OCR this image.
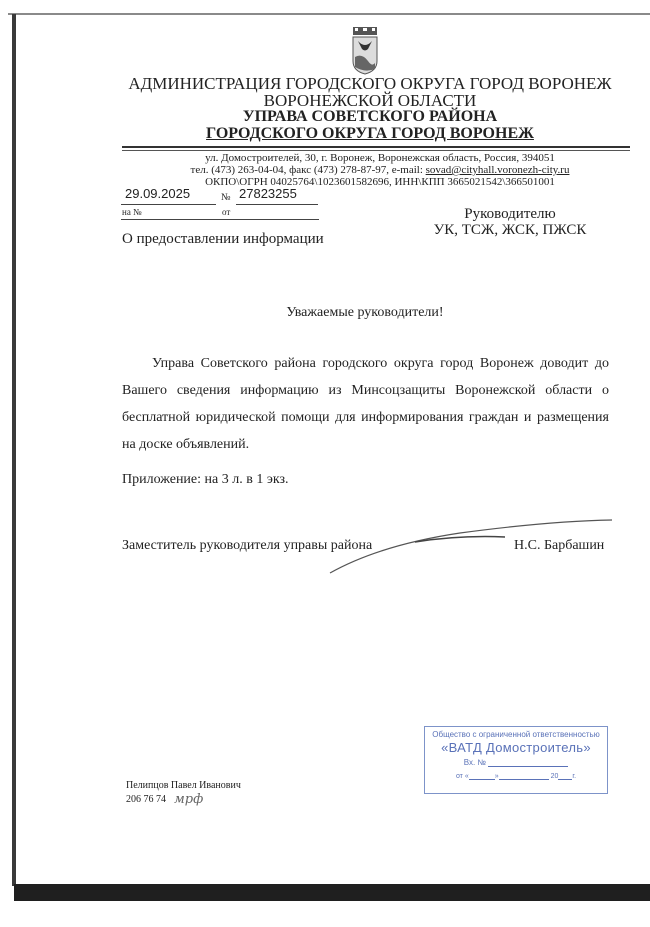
АДМИНИСТРАЦИЯ ГОРОДСКОГО ОКРУГА ГОРОД ВОРОНЕЖ
ВОРОНЕЖСКОЙ ОБЛАСТИ
УПРАВА СОВЕТСКОГО РАЙОНА
ГОРОДСКОГО ОКРУГА ГОРОД ВОРОНЕЖ
ул. Домостроителей, 30, г. Воронеж, Воронежская область, Россия, 394051
тел. (473) 263-04-04, факс (473) 278-87-97, e-mail: sovad@cityhall.voronezh-city.ru
ОКПО\ОГРН 04025764\1023601582696, ИНН\КПП 3665021542\366501001
29.09.2025	№ 27823255
на №	от	Руководителю
УК, ТСЖ, ЖСК, ПЖСК
О предоставлении информации
Уважаемые руководители!
Управа Советского района городского округа город Воронеж доводит до Вашего сведения информацию из Минсоцзащиты Воронежской области о бесплатной юридической помощи для информирования граждан и размещения на доске объявлений.
Приложение: на 3 л. в 1 экз.
Заместитель руководителя управы района	Н.С. Барбашин
Общество с ограниченной ответственностью
«ВАТД Домостроитель»
Вх. №
от «	»	20 г.
Пелипцов Павел Иванович
206 76 74 мрф
